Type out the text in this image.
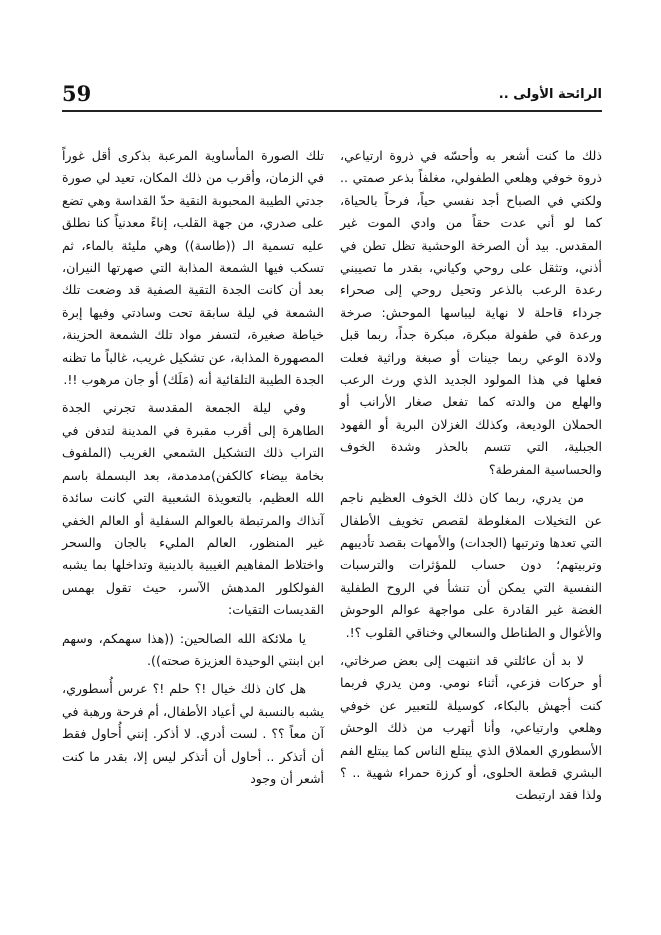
59	الرائحة الأولى ..

ذلك ما كنت أشعر به وأحسّه في ذروة ارتياعي، ذروة خوفي وهلعي الطفولي، مغلفاً بذعر صمتي .. ولكني في الصباح أجد نفسي حياً، فرحاً بالحياة، كما لو أني عدت حقاً من وادي الموت غير المقدس. بيد أن الصرخة الوحشية تظل تطن في أذني، وتثقل على روحي وكياني، بقدر ما تصيبني رعدة الرعب بالذعر وتحيل روحي إلى صحراء جرداء قاحلة لا نهاية ليباسها الموحش: صرخة ورعدة في طفولة مبكرة، مبكرة جداً، ربما قبل ولادة الوعي ربما جينات أو صبغة وراثية فعلت فعلها في هذا المولود الجديد الذي ورث الرعب والهلع من والدته كما تفعل صغار الأرانب أو الحملان الوديعة، وكذلك الغزلان البرية أو الفهود الجبلية، التي تتسم بالحذر وشدة الخوف والحساسية المفرطة؟

من يدري، ربما كان ذلك الخوف العظيم ناجم عن التخيلات المغلوطة لقصص تخويف الأطفال التي تعدها وترتبها (الجدات) والأمهات بقصد تأديبهم وتربيتهم؛ دون حساب للمؤثرات والترسبات النفسية التي يمكن أن تنشأ في الروح الطفلية الغضة غير القادرة على مواجهة عوالم الوحوش والأغوال و الطناطل والسعالي وخناقي القلوب ؟!.

لا بد أن عائلتي قد انتبهت إلى بعض صرخاتي، أو حركات فزعي، أثناء نومي. ومن يدري فربما كنت أجهش بالبكاء، كوسيلة للتعبير عن خوفي وهلعي وارتياعي، وأنا أتهرب من ذلك الوحش الأسطوري العملاق الذي يبتلع الناس كما يبتلع الفم البشري قطعة الحلوى، أو كرزة حمراء شهية .. ؟ ولذا فقد ارتبطت

تلك الصورة المأساوية المرعبة بذكرى أقل غوراً في الزمان، وأقرب من ذلك المكان، تعيد لي صورة جدتي الطيبة المحبوبة النقية حدّ القداسة وهي تضع على صدري، من جهة القلب، إناءً معدنياً كنا نطلق عليه تسمية الـ ((طاسة)) وهي مليئة بالماء، ثم تسكب فيها الشمعة المذابة التي صهرتها النيران، بعد أن كانت الجدة التقية الصفية قد وضعت تلك الشمعة في ليلة سابقة تحت وسادتي وفيها إبرة خياطة صغيرة، لتسفر مواد تلك الشمعة الحزينة، المصهورة المذابة، عن تشكيل غريب، غالباً ما تظنه الجدة الطيبة التلقائية أنه (مَلَك) أو جان مرهوب !!.

وفي ليلة الجمعة المقدسة تجرني الجدة الطاهرة إلى أقرب مقبرة في المدينة لتدفن في التراب ذلك التشكيل الشمعي الغريب (الملفوف بخامة بيضاء كالكفن)مدمدمة، بعد البسملة باسم الله العظيم، بالتعويذة الشعبية التي كانت سائدة آنذاك والمرتبطة بالعوالم السفلية أو العالم الخفي غير المنظور، العالم المليء بالجان والسحر واختلاط المفاهيم الغيبية بالدينية وتداخلها بما يشبه الفولكلور المدهش الآسر، حيث تقول بهمس القديسات التقيات:

يا ملائكة الله الصالحين: ((هذا سهمكم، وسهم ابن ابنتي الوحيدة العزيزة صحته)).

هل كان ذلك خيال !؟ حلم !؟ عرس أُسطوري، يشبه بالنسبة لي أعياد الأطفال، أم فرحة ورهبة في آن معاً ؟؟ . لست أدري. لا أذكر. إنني أُحاول فقط أن أتذكر .. أحاول أن أتذكر ليس إلا، بقدر ما كنت أشعر أن وجود
